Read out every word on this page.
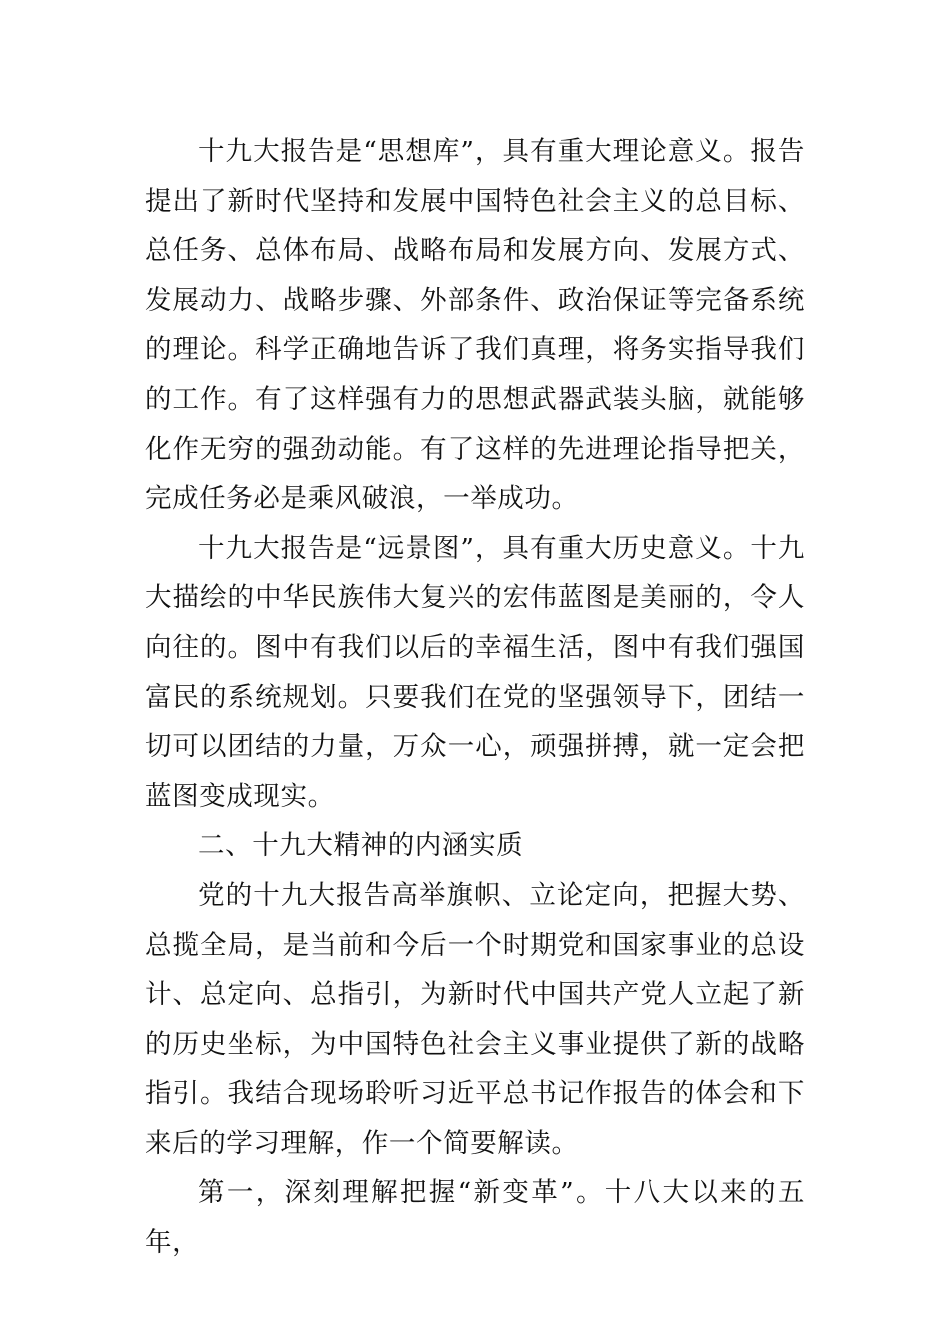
十九大报告是“思想库”，具有重大理论意义。报告提出了新时代坚持和发展中国特色社会主义的总目标、总任务、总体布局、战略布局和发展方向、发展方式、发展动力、战略步骤、外部条件、政治保证等完备系统的理论。科学正确地告诉了我们真理，将务实指导我们的工作。有了这样强有力的思想武器武装头脑，就能够化作无穷的强劲动能。有了这样的先进理论指导把关，完成任务必是乘风破浪，一举成功。

十九大报告是“远景图”，具有重大历史意义。十九大描绘的中华民族伟大复兴的宏伟蓝图是美丽的，令人向往的。图中有我们以后的幸福生活，图中有我们强国富民的系统规划。只要我们在党的坚强领导下，团结一切可以团结的力量，万众一心，顽强拼搏，就一定会把蓝图变成现实。

二、十九大精神的内涵实质

党的十九大报告高举旗帜、立论定向，把握大势、总揽全局，是当前和今后一个时期党和国家事业的总设计、总定向、总指引，为新时代中国共产党人立起了新的历史坐标，为中国特色社会主义事业提供了新的战略指引。我结合现场聆听习近平总书记作报告的体会和下来后的学习理解，作一个简要解读。

第一，深刻理解把握“新变革”。十八大以来的五年，
